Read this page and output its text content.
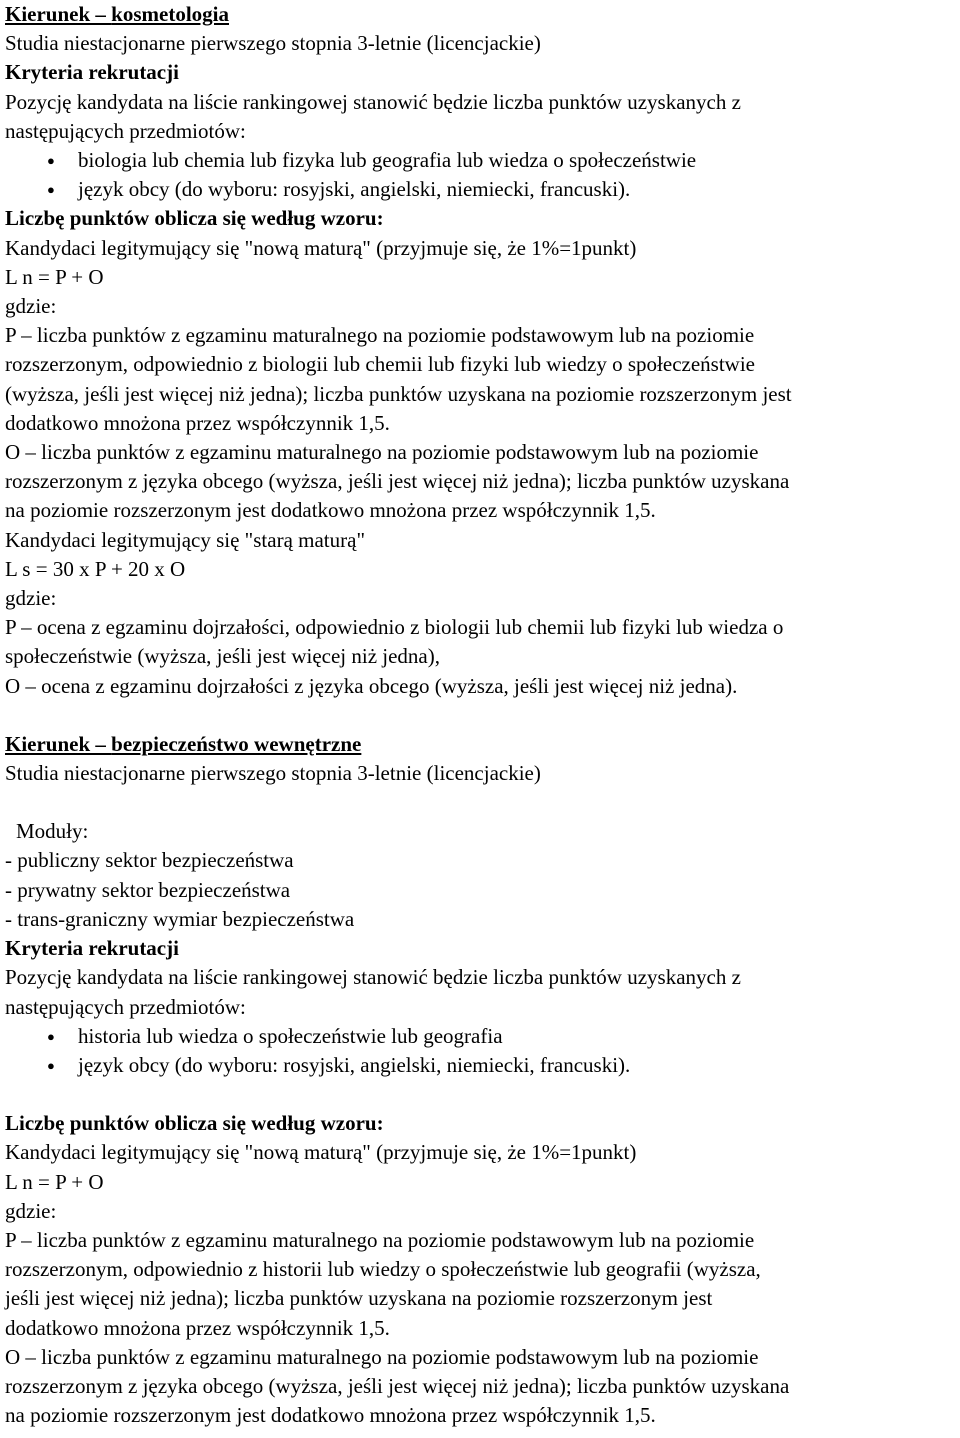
Kierunek – kosmetologia
Studia niestacjonarne pierwszego stopnia 3-letnie (licencjackie)
Kryteria rekrutacji
Pozycję kandydata na liście rankingowej stanowić będzie liczba punktów uzyskanych z
następujących przedmiotów:
● biologia lub chemia lub fizyka lub geografia lub wiedza o społeczeństwie
● język obcy (do wyboru: rosyjski, angielski, niemiecki, francuski).
Liczbę punktów oblicza się według wzoru:
Kandydaci legitymujący się "nową maturą" (przyjmuje się, że 1%=1punkt)
L n = P + O
gdzie:
P – liczba punktów z egzaminu maturalnego na poziomie podstawowym lub na poziomie
rozszerzonym, odpowiednio z biologii lub chemii lub fizyki lub wiedzy o społeczeństwie
(wyższa, jeśli jest więcej niż jedna); liczba punktów uzyskana na poziomie rozszerzonym jest
dodatkowo mnożona przez współczynnik 1,5.
O – liczba punktów z egzaminu maturalnego na poziomie podstawowym lub na poziomie
rozszerzonym z języka obcego (wyższa, jeśli jest więcej niż jedna); liczba punktów uzyskana
na poziomie rozszerzonym jest dodatkowo mnożona przez współczynnik 1,5.
Kandydaci legitymujący się "starą maturą"
L s = 30 x P + 20 x O
gdzie:
P – ocena z egzaminu dojrzałości, odpowiednio z biologii lub chemii lub fizyki lub wiedza o
społeczeństwie (wyższa, jeśli jest więcej niż jedna),
O – ocena z egzaminu dojrzałości z języka obcego (wyższa, jeśli jest więcej niż jedna).
Kierunek – bezpieczeństwo wewnętrzne
Studia niestacjonarne pierwszego stopnia 3-letnie (licencjackie)
Moduły:
- publiczny sektor bezpieczeństwa
- prywatny sektor bezpieczeństwa
- trans-graniczny wymiar bezpieczeństwa
Kryteria rekrutacji
Pozycję kandydata na liście rankingowej stanowić będzie liczba punktów uzyskanych z
następujących przedmiotów:
● historia lub wiedza o społeczeństwie lub geografia
● język obcy (do wyboru: rosyjski, angielski, niemiecki, francuski).
Liczbę punktów oblicza się według wzoru:
Kandydaci legitymujący się "nową maturą" (przyjmuje się, że 1%=1punkt)
L n = P + O
gdzie:
P – liczba punktów z egzaminu maturalnego na poziomie podstawowym lub na poziomie
rozszerzonym, odpowiednio z historii lub wiedzy o społeczeństwie lub geografii (wyższa,
jeśli jest więcej niż jedna); liczba punktów uzyskana na poziomie rozszerzonym jest
dodatkowo mnożona przez współczynnik 1,5.
O – liczba punktów z egzaminu maturalnego na poziomie podstawowym lub na poziomie
rozszerzonym z języka obcego (wyższa, jeśli jest więcej niż jedna); liczba punktów uzyskana
na poziomie rozszerzonym jest dodatkowo mnożona przez współczynnik 1,5.
